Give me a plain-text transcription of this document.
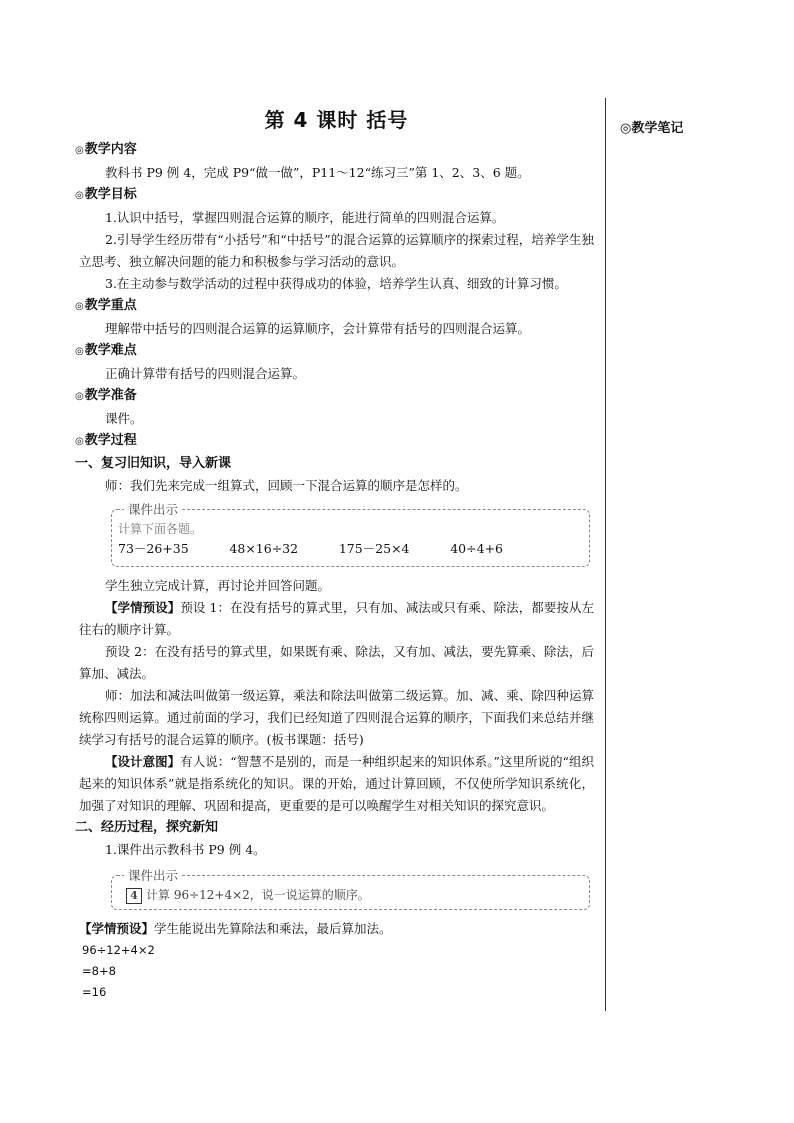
◎教学笔记
第 4 课时 括号
◎教学内容

教科书 P9 例 4，完成 P9“做一做”，P11～12“练习三”第 1、2、3、6 题。

◎教学目标

1.认识中括号，掌握四则混合运算的顺序，能进行简单的四则混合运算。

2.引导学生经历带有“小括号”和“中括号”的混合运算的运算顺序的探索过程，培养学生独立思考、独立解决问题的能力和积极参与学习活动的意识。

3.在主动参与数学活动的过程中获得成功的体验，培养学生认真、细致的计算习惯。

◎教学重点

理解带中括号的四则混合运算的运算顺序，会计算带有括号的四则混合运算。

◎教学难点

正确计算带有括号的四则混合运算。

◎教学准备

课件。

◎教学过程
一、复习旧知识，导入新课

师：我们先来完成一组算式，回顾一下混合运算的顺序是怎样的。

课件出示
计算下面各题。
73－26+35	48×16÷32	175－25×4	40÷4+6

学生独立完成计算，再讨论并回答问题。

【学情预设】预设 1：在没有括号的算式里，只有加、减法或只有乘、除法，都要按从左往右的顺序计算。

预设 2：在没有括号的算式里，如果既有乘、除法，又有加、减法，要先算乘、除法，后算加、减法。

师：加法和减法叫做第一级运算，乘法和除法叫做第二级运算。加、减、乘、除四种运算统称四则运算。通过前面的学习，我们已经知道了四则混合运算的顺序，下面我们来总结并继续学习有括号的混合运算的顺序。(板书课题：括号)

【设计意图】有人说：“智慧不是别的，而是一种组织起来的知识体系。”这里所说的“组织起来的知识体系”就是指系统化的知识。课的开始，通过计算回顾，不仅使所学知识系统化，加强了对知识的理解、巩固和提高，更重要的是可以唤醒学生对相关知识的探究意识。

二、经历过程，探究新知

1.课件出示教科书 P9 例 4。

课件出示
4 计算 96÷12+4×2，说一说运算的顺序。

【学情预设】学生能说出先算除法和乘法，最后算加法。

96÷12+4×2
=8+8
=16
